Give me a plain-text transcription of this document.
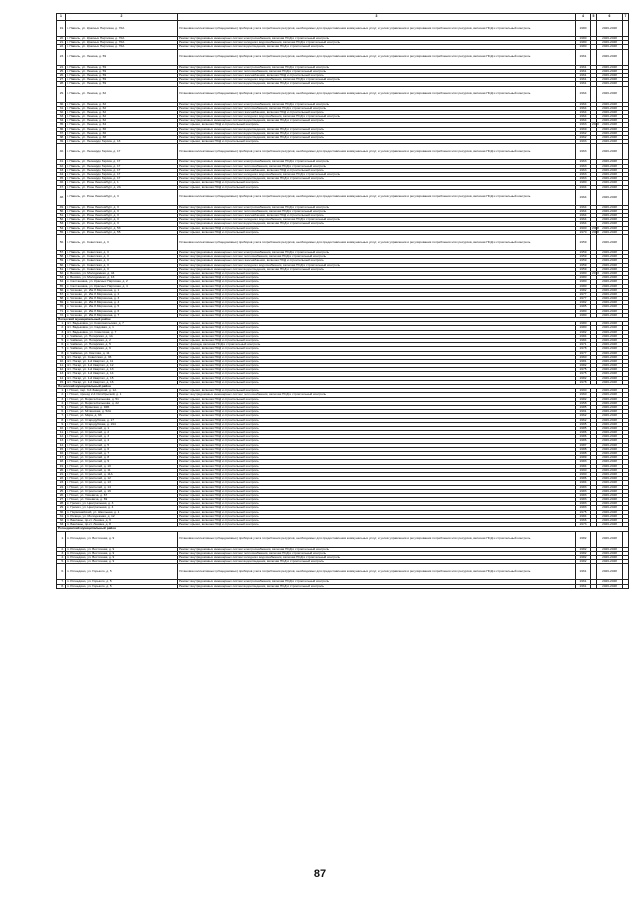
1	2	3	4	5	6	7
19.	г. Наволь, ул. Красных Партизан, д. 70А	Установка коллективных (общедомовых) приборов учета потребления ресурсов, необходимых для предоставления коммунальных услуг, и узлов управления и регулирования потребления этих ресурсов, включая ПСД и строительный контроль	1980		2026-2028	
20.	г. Наволь, ул. Красных Партизан, д. 70А	Ремонт внутридомовых инженерных систем электроснабжения, включая ПСД и строительный контроль	1980		2026-2028	
21.	г. Наволь, ул. Красных Партизан, д. 70А	Ремонт внутридомовых инженерных систем холодного водоснабжения, включая ПСД и строительный контроль	1980		2026-2028	
22.	г. Наволь, ул. Красных Партизан, д. 70А	Ремонт внутридомовых инженерных систем водоотведения, включая ПСД и строительный контроль	1980		2026-2028	
23.	г. Наволь, ул. Ленина, д. 59	Установка коллективных (общедомовых) приборов учета потребления ресурсов, необходимых для предоставления коммунальных услуг, и узлов управления и регулирования потребления этих ресурсов, включая ПСД и строительный контроль	1961		2026-2028	
24.	г. Наволь, ул. Ленина, д. 59	Ремонт внутридомовых инженерных систем электроснабжения, включая ПСД и строительный контроль	1961		2026-2028	
25.	г. Наволь, ул. Ленина, д. 59	Ремонт внутридомовых инженерных систем теплоснабжения, включая ПСД и строительный контроль	1961		2026-2028	
26.	г. Наволь, ул. Ленина, д. 59	Ремонт внутридомовых инженерных систем газоснабжения, включая ПСД и строительный контроль	1961		2026-2028	
27.	г. Наволь, ул. Ленина, д. 59	Ремонт внутридомовых инженерных систем холодного водоснабжения, включая ПСД и строительный контроль	1961		2026-2028	
28.	г. Наволь, ул. Ленина, д. 59	Ремонт внутридомовых инженерных систем водоотведения, включая ПСД и строительный контроль	1961		2026-2028	
29.	г. Наволь, ул. Ленина, д. 62	Установка коллективных (общедомовых) приборов учета потребления ресурсов, необходимых для предоставления коммунальных услуг, и узлов управления и регулирования потребления этих ресурсов, включая ПСД и строительный контроль	1964		2026-2028	
30.	г. Наволь, ул. Ленина, д. 62	Ремонт внутридомовых инженерных систем электроснабжения, включая ПСД и строительный контроль	1964		2026-2028	
31.	г. Наволь, ул. Ленина, д. 62	Ремонт внутридомовых инженерных систем теплоснабжения, включая ПСД и строительный контроль	1964		2026-2028	
32.	г. Наволь, ул. Ленина, д. 62	Ремонт внутридомовых инженерных систем газоснабжения, включая ПСД и строительный контроль	1964		2026-2028	
33.	г. Наволь, ул. Ленина, д. 62	Ремонт внутридомовых инженерных систем холодного водоснабжения, включая ПСД и строительный контроль	1964		2026-2028	
34.	г. Наволь, ул. Ленина, д. 62	Ремонт внутридомовых инженерных систем водоотведения, включая ПСД и строительный контроль	1964		2026-2028	
35.	г. Наволь, ул. Ленина, д. 64	Ремонт крыши, включая ПСД и строительный контроль	1963	2020	2026-2028	
36.	г. Наволь, ул. Ленина, д. 66	Ремонт внутридомовых инженерных систем водоотведения, включая ПСД и строительный контроль	1969		2026-2028	
37.	г. Наволь, ул. Ленина, д. 66	Ремонт внутридомовых инженерных систем водоотведения, включая ПСД и строительный контроль	1962		2026-2028	
38.	г. Наволь, ул. Ленина, д. 68	Ремонт внутридомовых инженерных систем водоотведения, включая ПСД и строительный контроль	1962		2026-2028	
39.	г. Наволь, ул. Леонардо Гарсиа, д. 13	Ремонт крыши, включая ПСД и строительный контроль	1993		2026-2028	
40.	г. Наволь, ул. Леонардо Гарсиа, д. 17	Установка коллективных (общедомовых) приборов учета потребления ресурсов, необходимых для предоставления коммунальных услуг, и узлов управления и регулирования потребления этих ресурсов, включая ПСД и строительный контроль	1963		2026-2028	
41.	г. Наволь, ул. Леонардо Гарсиа, д. 17	Ремонт внутридомовых инженерных систем электроснабжения, включая ПСД и строительный контроль	1963		2026-2028	
42.	г. Наволь, ул. Леонардо Гарсиа, д. 17	Ремонт внутридомовых инженерных систем теплоснабжения, включая ПСД и строительный контроль	1963		2026-2028	
43.	г. Наволь, ул. Леонардо Гарсиа, д. 17	Ремонт внутридомовых инженерных систем газоснабжения, включая ПСД и строительный контроль	1963		2026-2028	
44.	г. Наволь, ул. Леонардо Гарсиа, д. 17	Ремонт внутридомовых инженерных систем холодного водоснабжения, включая ПСД и строительный контроль	1963		2026-2028	
45.	г. Наволь, ул. Леонардо Гарсиа, д. 17	Ремонт внутридомовых инженерных систем водоотведения, включая ПСД и строительный контроль	1963		2026-2028	
46.	г. Наволь, ул. Розы Люксембург, д. 1	Ремонт крыши, включая ПСД и строительный контроль	1980		2026-2028	
47.	г. Наволь, ул. Розы Люксембург, д. 2А	Ремонт крыши, включая ПСД и строительный контроль	1994		2026-2028	
48.	г. Наволь, ул. Розы Люксембург, д. 3	Установка коллективных (общедомовых) приборов учета потребления ресурсов, необходимых для предоставления коммунальных услуг, и узлов управления и регулирования потребления этих ресурсов, включая ПСД и строительный контроль	1964		2026-2028	
49.	г. Наволь, ул. Розы Люксембург, д. 3	Ремонт внутридомовых инженерных систем электроснабжения, включая ПСД и строительный контроль	1964		2026-2028	
50.	г. Наволь, ул. Розы Люксембург, д. 3	Ремонт внутридомовых инженерных систем теплоснабжения, включая ПСД и строительный контроль	1964		2026-2028	
51.	г. Наволь, ул. Розы Люксембург, д. 3	Ремонт внутридомовых инженерных систем газоснабжения, включая ПСД и строительный контроль	1964		2026-2028	
52.	г. Наволь, ул. Розы Люксембург, д. 3	Ремонт внутридомовых инженерных систем холодного водоснабжения, включая ПСД и строительный контроль	1964		2026-2028	
53.	г. Наволь, ул. Розы Люксембург, д. 3	Ремонт внутридомовых инженерных систем водоотведения, включая ПСД и строительный контроль	1964		2026-2028	
54.	г. Наволь, ул. Розы Люксембург, д. 53	Ремонт крыши, включая ПСД и строительный контроль	1900	2008	2026-2028	
55.	г. Наволь, ул. Розы Люксембург, д. 55	Ремонт крыши, включая ПСД и строительный контроль	1970	2008	2026-2028	
56.	г. Наволь, ул. Советская, д. 3	Установка коллективных (общедомовых) приборов учета потребления ресурсов, необходимых для предоставления коммунальных услуг, и узлов управления и регулирования потребления этих ресурсов, включая ПСД и строительный контроль	1959		2026-2028	
57.	г. Наволь, ул. Советская, д. 3	Ремонт внутридомовых инженерных систем электроснабжения, включая ПСД и строительный контроль	1959		2026-2028	
58.	г. Наволь, ул. Советская, д. 3	Ремонт внутридомовых инженерных систем теплоснабжения, включая ПСД и строительный контроль	1959		2026-2028	
59.	г. Наволь, ул. Советская, д. 3	Ремонт внутридомовых инженерных систем газоснабжения, включая ПСД и строительный контроль	1959		2026-2028	
60.	г. Наволь, ул. Советская, д. 3	Ремонт внутридомовых инженерных систем холодного водоснабжения, включая ПСД и строительный контроль	1959		2026-2028	
61.	г. Наволь, ул. Советская, д. 3	Ремонт внутридомовых инженерных систем водоотведения, включая ПСД и строительный контроль	1959		2026-2028	
62.	с. Бехово, ул. Молодежная, д. 44	Ремонт крыши, включая ПСД и строительный контроль	1980	2013	2026-2028	
63.	с. Бехово, ул. Молодежная, д. 16	Ремонт крыши, включая ПСД и строительный контроль	1980		2026-2028	
64.	с. Салтановка, ул. Красных Партизан, д. 2	Ремонт крыши, включая ПСД и строительный контроль	1980		2026-2028	
65.	с. Салтановка, ул. Красных Партизан, д. 4	Ремонт крыши, включая ПСД и строительный контроль	1980		2026-2028	
66.	с. Чичково, ул. Им.Л.Мирошина, д. 1	Ремонт крыши, включая ПСД и строительный контроль	1982		2026-2028	
67.	с. Чичково, ул. Им.Л.Мирошина, д. 2	Ремонт крыши, включая ПСД и строительный контроль	1977		2026-2028	
68.	с. Чичково, ул. Им.Л.Мирошина, д. 3	Ремонт крыши, включая ПСД и строительный контроль	1977		2026-2028	
69.	с. Чичково, ул. Им.Л.Мирошина, д. 4	Ремонт крыши, включая ПСД и строительный контроль	1982		2026-2028	
70.	с. Чичково, ул. Им.Л.Мирошина, д. 5	Ремонт крыши, включая ПСД и строительный контроль	1985		2026-2028	
71.	с. Чичково, ул. Им.Л.Мирошина, д. 6	Ремонт крыши, включая ПСД и строительный контроль	1980		2026-2028	
72.	с. Чичково, ул. Им.Л.Мирошина, д. 7	Ремонт крыши, включая ПСД и строительный контроль	1980		2026-2028	
Погарский муниципальный район						
1.	пгт. Вадьковка, ул. Комсомольская, д. 7	Ремонт крыши, включая ПСД и строительный контроль	1980		2026-2028	
2.	пгт. Вадьковка, ул. Садовая, д. 1	Ремонт крыши, включая ПСД и строительный контроль	1980		2026-2028	
3.	пгт. Вадьковка, ул. Советская, д. 7	Ремонт крыши, включая ПСД и строительный контроль	1982		2026-2028	
4.	с. Чайкино, ул. Погарская, д. 1А	Ремонт крыши, включая ПСД и строительный контроль	1984		2026-2028	
5.	с. Чайкино, ул. Погарская, д. 2	Ремонт крыши, включая ПСД и строительный контроль	1984		2026-2028	
6.	с. Чайкино, ул. Погарская, д. 5	Ремонт фасада, включая ПСД и строительный контроль	1971		2026-2028	
7.	с. Чайкино, ул. Погарская, д. 6	Ремонт крыши, включая ПСД и строительный контроль	1978		2026-2028	
8.	с. Чайкино, ул. Светлая, д. 11	Ремонт крыши, включая ПСД и строительный контроль	1977		2026-2028	
9.	пгт. Погар, ул. Советская, д. 36	Ремонт крыши, включая ПСД и строительный контроль	1960		2026-2028	
10.	пгт. Погар, ул. 1-й Квартал, д. 11	Ремонт крыши, включая ПСД и строительный контроль	1981		2026-2028	
11.	пгт. Погар, ул. 1-й Квартал, д. 12	Ремонт крыши, включая ПСД и строительный контроль	1982		2026-2028	
12.	пгт. Погар, ул. 1-й Квартал, д. 13	Ремонт крыши, включая ПСД и строительный контроль	1975		2026-2028	
13.	пгт. Погар, ул. 1-й Квартал, д. 14	Ремонт крыши, включая ПСД и строительный контроль	1975		2026-2028	
14.	пгт. Погар, ул. 1-й Квартал, д. 15	Ремонт крыши, включая ПСД и строительный контроль	1982		2026-2028	
15.	пгт. Погар, ул. 1-й Квартал, д. 16	Ремонт крыши, включая ПСД и строительный контроль	1978		2026-2028	
Почепский муниципальный район						
1.	г. Почеп, пер. 3-й Заводской, д. 1А	Ремонт крыши, включая ПСД и строительный контроль	1990		2026-2028	
2.	г. Почеп, проезд 2-й Октябрьский, д. 1	Ремонт внутридомовых инженерных систем теплоснабжения, включая ПСД и строительный контроль	1960		2026-2028	
3.	г. Почеп, ул. Бориса Кальнова, д. 51	Ремонт крыши, включая ПСД и строительный контроль	1982		2026-2028	
4.	г. Почеп, ул. Бориса Кальнова, д. 22	Ремонт крыши, включая ПСД и строительный контроль	1958		2026-2028	
5.	г. Почеп, ул. Брянская, д. 92Б	Ремонт крыши, включая ПСД и строительный контроль	1985		2026-2028	
6.	г. Почеп, ул. Мглинская, д. 52А	Ремонт крыши, включая ПСД и строительный контроль	1991		2026-2028	
7.	г. Почеп, ул. Мира, д. 63	Ремонт крыши, включая ПСД и строительный контроль	1962		2026-2028	
8.	г. Почеп, ул. Стародубская, д. 17	Ремонт крыши, включая ПСД и строительный контроль	1962		2026-2028	
9.	г. Почеп, ул. Стародубская, д. 194	Ремонт крыши, включая ПСД и строительный контроль	1995		2026-2028	
10.	г. Почеп, ул. Строителей, д. 1	Ремонт крыши, включая ПСД и строительный контроль	1985		2026-2028	
11.	г. Почеп, ул. Строителей, д. 2	Ремонт крыши, включая ПСД и строительный контроль	1986		2026-2028	
12.	г. Почеп, ул. Строителей, д. 3	Ремонт крыши, включая ПСД и строительный контроль	1986		2026-2028	
13.	г. Почеп, ул. Строителей, д. 4	Ремонт крыши, включая ПСД и строительный контроль	1986		2026-2028	
14.	г. Почеп, ул. Строителей, д. 5	Ремонт крыши, включая ПСД и строительный контроль	1987		2026-2028	
15.	г. Почеп, ул. Строителей, д. 6	Ремонт крыши, включая ПСД и строительный контроль	1988		2026-2028	
16.	г. Почеп, ул. Строителей, д. 7	Ремонт крыши, включая ПСД и строительный контроль	1988		2026-2028	
17.	г. Почеп, ул. Строителей, д. 8	Ремонт крыши, включая ПСД и строительный контроль	1989		2026-2028	
18.	г. Почеп, ул. Строителей, д. 9	Ремонт крыши, включая ПСД и строительный контроль	1983		2026-2028	
19.	г. Почеп, ул. Строителей, д. 10	Ремонт крыши, включая ПСД и строительный контроль	1984		2026-2028	
20.	г. Почеп, ул. Строителей, д. 11	Ремонт крыши, включая ПСД и строительный контроль	1990		2026-2028	
21.	г. Почеп, ул. Строителей, д. 11А	Ремонт крыши, включая ПСД и строительный контроль	1990		2026-2028	
22.	г. Почеп, ул. Строителей, д. 12	Ремонт крыши, включая ПСД и строительный контроль	1986		2026-2028	
23.	г. Почеп, ул. Строителей, д. 13	Ремонт крыши, включая ПСД и строительный контроль	1984		2026-2028	
24.	г. Почеп, ул. Строителей, д. 14	Ремонт крыши, включая ПСД и строительный контроль	1983		2026-2028	
25.	г. Почеп, ул. Строителей, д. 16	Ремонт крыши, включая ПСД и строительный контроль	1983		2026-2028	
26.	г. Почеп, ул. Усиевича, д. 67	Ремонт крыши, включая ПСД и строительный контроль	1983		2026-2028	
27.	г. Почеп, ул. Усиевича, д. 69	Ремонт крыши, включая ПСД и строительный контроль	1983		2026-2028	
28.	с. Гремяч, ул. Центральная, д. 3	Ремонт крыши, включая ПСД и строительный контроль	1983		2026-2028	
29.	с. Гремяч, ул. Центральная, д. 4	Ремонт крыши, включая ПСД и строительный контроль	1983		2026-2028	
30.	п. Первомайский, ул. Школьная, д. 1	Ремонт крыши, включая ПСД и строительный контроль	1975		2026-2028	
31.	п. Речица, ул. Молодежная, д. 12	Ремонт крыши, включая ПСД и строительный контроль	1984		2026-2028	
32.	п. Бакланы, пр-кт. Ленина, д. 9	Ремонт крыши, включая ПСД и строительный контроль	1966		2026-2028	
33.	п. Бакланы, пр-кт. Ленина, д. 8	Ремонт крыши, включая ПСД и строительный контроль	1973		2026-2028	
Рогнединский муниципальный район						
1.	п. Рогнедино, ул. Восточная, д. 9	Установка коллективных (общедомовых) приборов учета потребления ресурсов, необходимых для предоставления коммунальных услуг, и узлов управления и регулирования потребления этих ресурсов, включая ПСД и строительный контроль	1982		2026-2028	
2.	п. Рогнедино, ул. Восточная, д. 9	Ремонт внутридомовых инженерных систем электроснабжения, включая ПСД и строительный контроль	1982		2026-2028	
3.	п. Рогнедино, ул. Восточная, д. 9	Ремонт внутридомовых инженерных систем теплоснабжения, включая ПСД и строительный контроль	1982		2026-2028	
4.	п. Рогнедино, ул. Восточная, д. 9	Ремонт внутридомовых инженерных систем холодного водоснабжения, включая ПСД и строительный контроль	1982		2026-2028	
5.	п. Рогнедино, ул. Восточная, д. 9	Ремонт внутридомовых инженерных систем водоотведения, включая ПСД и строительный контроль	1982		2026-2028	
6.	п. Рогнедино, ул. Горького, д. 5	Установка коллективных (общедомовых) приборов учета потребления ресурсов, необходимых для предоставления коммунальных услуг, и узлов управления и регулирования потребления этих ресурсов, включая ПСД и строительный контроль	1961		2026-2028	
7.	п. Рогнедино, ул. Горького, д. 5	Ремонт внутридомовых инженерных систем электроснабжения, включая ПСД и строительный контроль	1961		2026-2028	
8.	п. Рогнедино, ул. Горького, д. 5	Ремонт внутридомовых инженерных систем водоотведения, включая ПСД и строительный контроль	1961		2026-2028	
87
